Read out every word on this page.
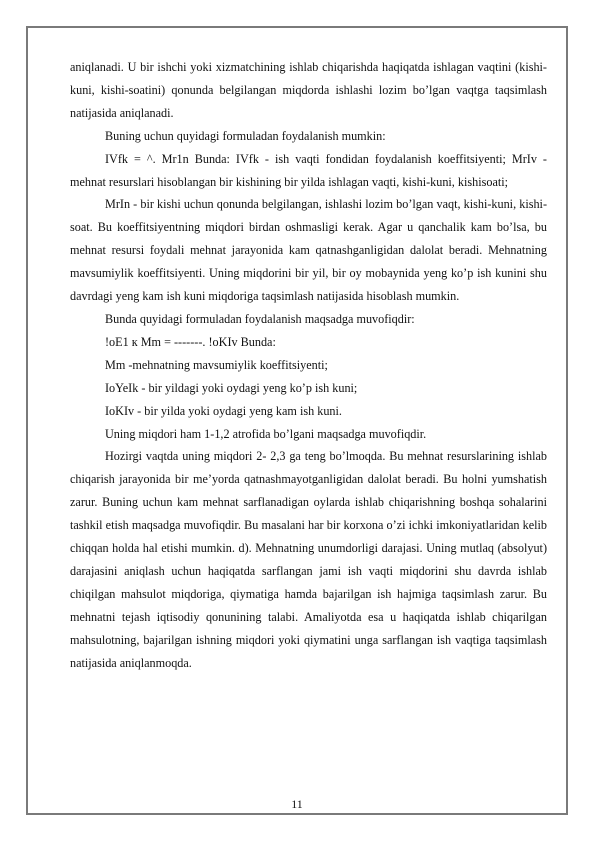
aniqlanadi. U bir ishchi yoki xizmatchining ishlab chiqarishda haqiqatda ishlagan vaqtini (kishi-kuni, kishi-soatini) qonunda belgilangan miqdorda ishlashi lozim bo’lgan vaqtga taqsimlash natijasida aniqlanadi.

Buning uchun quyidagi formuladan foydalanish mumkin:

IVfk = ^. Mr1n Bunda: IVfk - ish vaqti fondidan foydalanish koeffitsiyenti; MrIv - mehnat resurslari hisoblangan bir kishining bir yilda ishlagan vaqti, kishi-kuni, kishisoati;

MrIn - bir kishi uchun qonunda belgilangan, ishlashi lozim bo’lgan vaqt, kishi-kuni, kishi-soat. Bu koeffitsiyentning miqdori birdan oshmasligi kerak. Agar u qanchalik kam bo’lsa, bu mehnat resursi foydali mehnat jarayonida kam qatnashganligidan dalolat beradi. Mehnatning mavsumiylik koeffitsiyenti. Uning miqdorini bir yil, bir oy mobaynida yeng ko’p ish kunini shu davrdagi yeng kam ish kuni miqdoriga taqsimlash natijasida hisoblash mumkin.

Bunda quyidagi formuladan foydalanish maqsadga muvofiqdir:

!oE1 к Mm = -------. !oKIv Bunda:

Mm -mehnatning mavsumiylik koeffitsiyenti;

IoYeIk - bir yildagi yoki oydagi yeng ko’p ish kuni;

IoKIv - bir yilda yoki oydagi yeng kam ish kuni.

Uning miqdori ham 1-1,2 atrofida bo’lgani maqsadga muvofiqdir.

Hozirgi vaqtda uning miqdori 2- 2,3 ga teng bo’lmoqda. Bu mehnat resurslarining ishlab chiqarish jarayonida bir me’yorda qatnashmayotganligidan dalolat beradi. Bu holni yumshatish zarur. Buning uchun kam mehnat sarflanadigan oylarda ishlab chiqarishning boshqa sohalarini tashkil etish maqsadga muvofiqdir. Bu masalani har bir korxona o’zi ichki imkoniyatlaridan kelib chiqqan holda hal etishi mumkin. d). Mehnatning unumdorligi darajasi. Uning mutlaq (absolyut) darajasini aniqlash uchun haqiqatda sarflangan jami ish vaqti miqdorini shu davrda ishlab chiqilgan mahsulot miqdoriga, qiymatiga hamda bajarilgan ish hajmiga taqsimlash zarur. Bu mehnatni tejash iqtisodiy qonunining talabi. Amaliyotda esa u haqiqatda ishlab chiqarilgan mahsulotning, bajarilgan ishning miqdori yoki qiymatini unga sarflangan ish vaqtiga taqsimlash natijasida aniqlanmoqda.

11
